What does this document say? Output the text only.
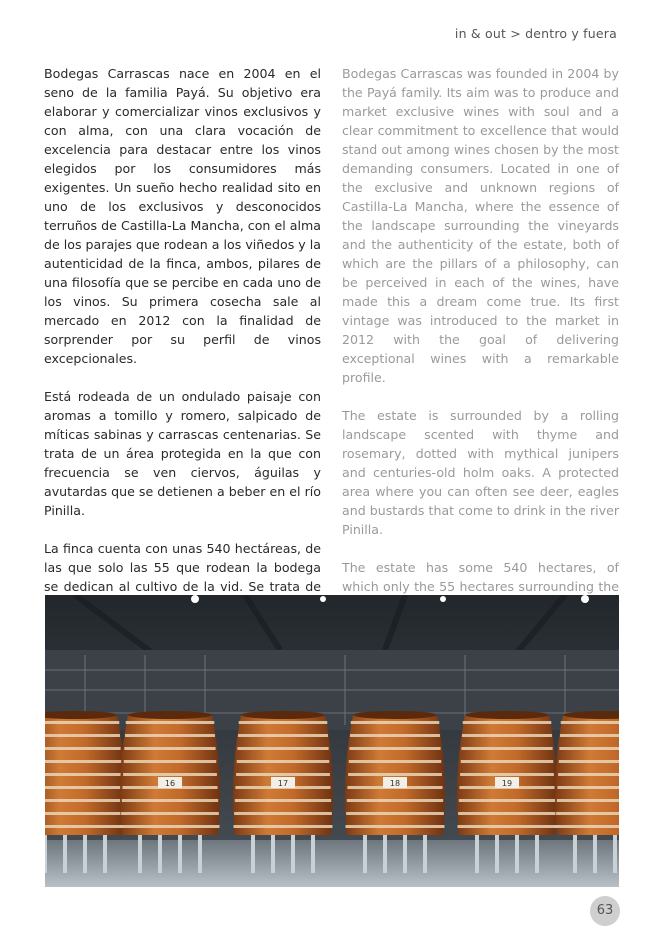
in & out > dentro y fuera

Bodegas Carrascas nace en 2004 en el seno de la familia Payá. Su objetivo era elaborar y comercializar vinos exclusivos y con alma, con una clara vocación de excelencia para destacar entre los vinos elegidos por los consumidores más exigentes. Un sueño hecho realidad sito en uno de los exclusivos y desconocidos terruños de Castilla-La Mancha, con el alma de los parajes que rodean a los viñedos y la autenticidad de la finca, ambos, pilares de una filosofía que se percibe en cada uno de los vinos. Su primera cosecha sale al mercado en 2012 con la finalidad de sorprender por su perfil de vinos excepcionales.

Está rodeada de un ondulado paisaje con aromas a tomillo y romero, salpicado de míticas sabinas y carrascas centenarias. Se trata de un área protegida en la que con frecuencia se ven ciervos, águilas y avutardas que se detienen a beber en el río Pinilla.

La finca cuenta con unas 540 hectáreas, de las que solo las 55 que rodean la bodega se dedican al cultivo de la vid. Se trata de

Bodegas Carrascas was founded in 2004 by the Payá family. Its aim was to produce and market exclusive wines with soul and a clear commitment to excellence that would stand out among wines chosen by the most demanding consumers. Located in one of the exclusive and unknown regions of Castilla-La Mancha, where the essence of the landscape surrounding the vineyards and the authenticity of the estate, both of which are the pillars of a philosophy, can be perceived in each of the wines, have made this a dream come true. Its first vintage was introduced to the market in 2012 with the goal of delivering exceptional wines with a remarkable profile.

The estate is surrounded by a rolling landscape scented with thyme and rosemary, dotted with mythical junipers and centuries-old holm oaks. A protected area where you can often see deer, eagles and bustards that come to drink in the river Pinilla.

The estate has some 540 hectares, of which only the 55 hectares surrounding the

16	17	18	19
63
